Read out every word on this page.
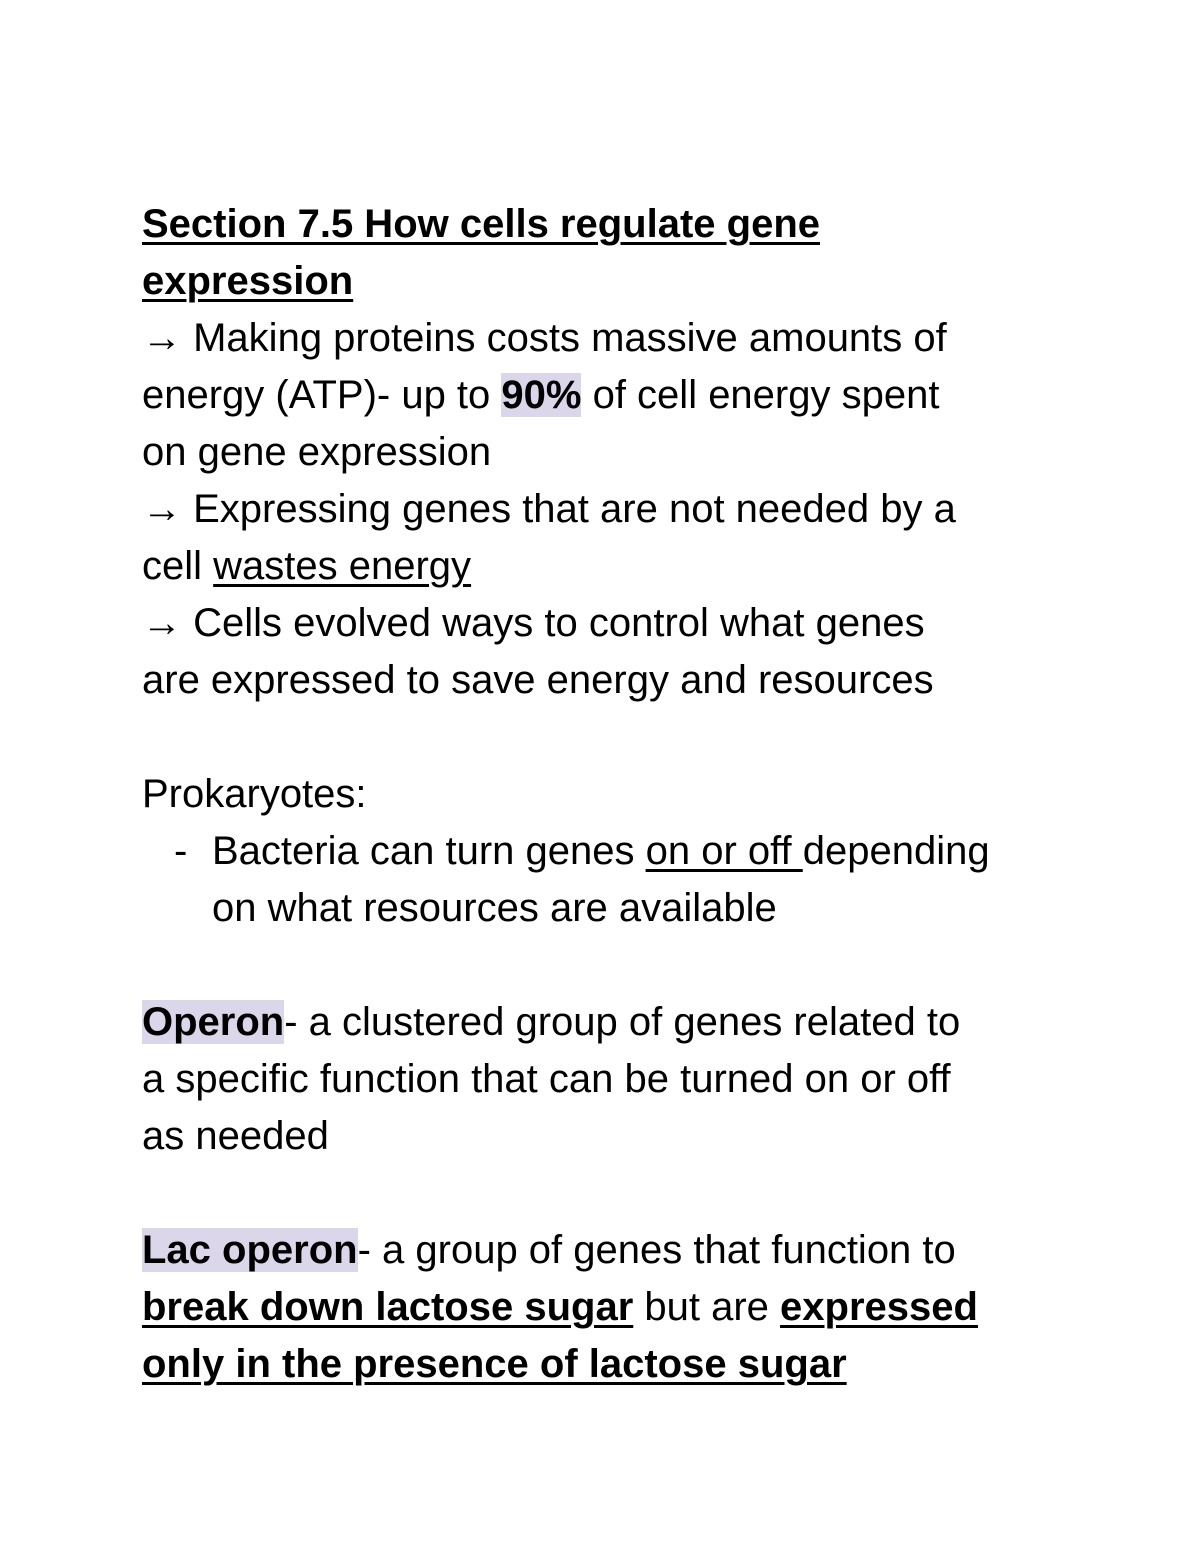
Section 7.5 How cells regulate gene
expression
→ Making proteins costs massive amounts of
energy (ATP)- up to 90% of cell energy spent
on gene expression
→ Expressing genes that are not needed by a
cell wastes energy
→ Cells evolved ways to control what genes
are expressed to save energy and resources
Prokaryotes:
- Bacteria can turn genes on or off depending
on what resources are available
Operon- a clustered group of genes related to
a specific function that can be turned on or off
as needed
Lac operon- a group of genes that function to
break down lactose sugar but are expressed
only in the presence of lactose sugar
